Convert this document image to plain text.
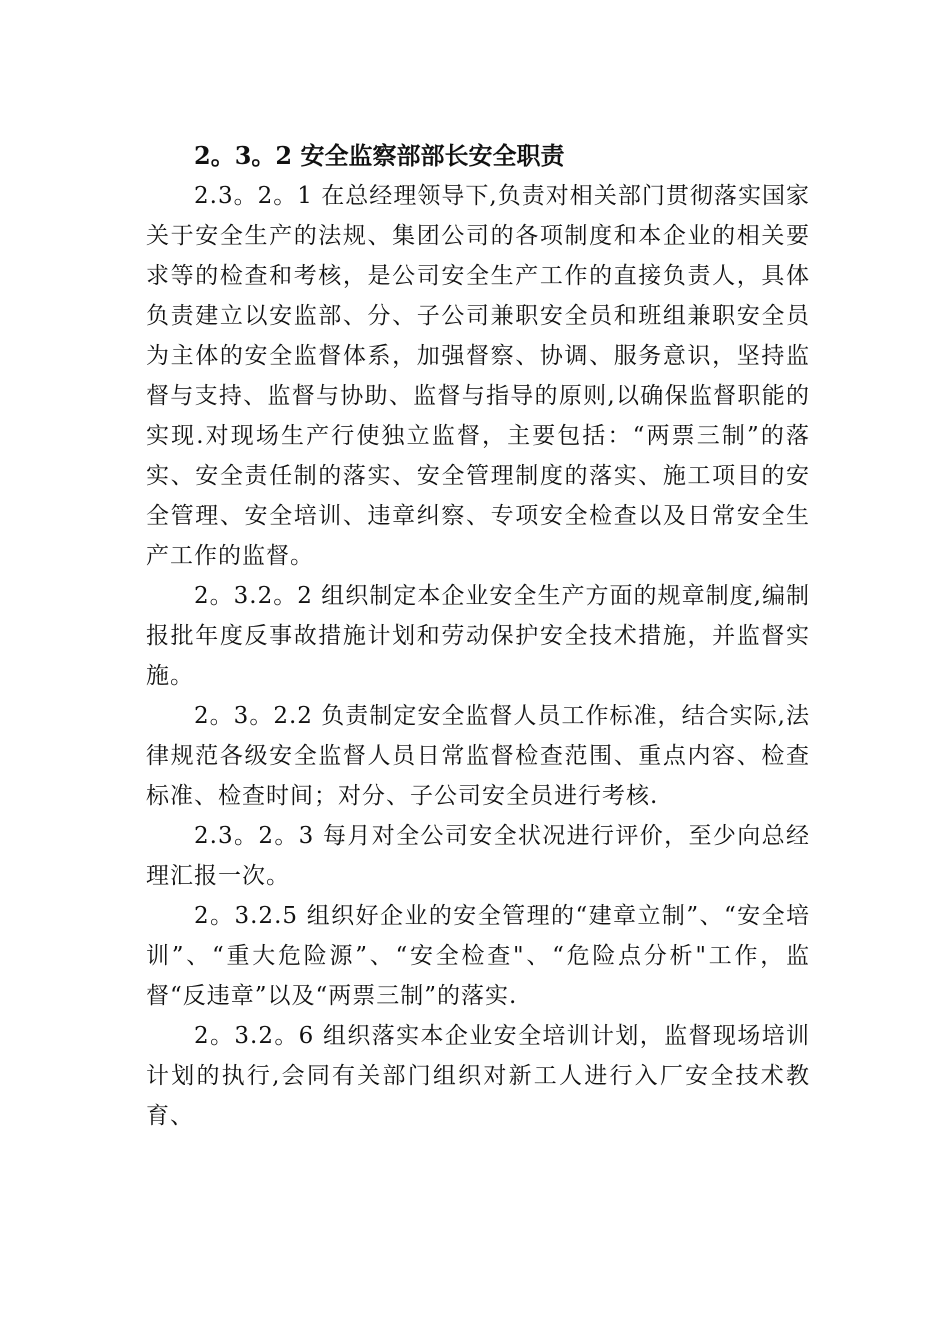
2。3。2 安全监察部部长安全职责

2.3。2。1 在总经理领导下,负责对相关部门贯彻落实国家关于安全生产的法规、集团公司的各项制度和本企业的相关要求等的检查和考核，是公司安全生产工作的直接负责人，具体负责建立以安监部、分、子公司兼职安全员和班组兼职安全员为主体的安全监督体系，加强督察、协调、服务意识，坚持监督与支持、监督与协助、监督与指导的原则,以确保监督职能的实现.对现场生产行使独立监督，主要包括：“两票三制”的落实、安全责任制的落实、安全管理制度的落实、施工项目的安全管理、安全培训、违章纠察、专项安全检查以及日常安全生产工作的监督。

2。3.2。2 组织制定本企业安全生产方面的规章制度,编制报批年度反事故措施计划和劳动保护安全技术措施，并监督实施。

2。3。2.2 负责制定安全监督人员工作标准，结合实际,法律规范各级安全监督人员日常监督检查范围、重点内容、检查标准、检查时间；对分、子公司安全员进行考核.

2.3。2。3 每月对全公司安全状况进行评价，至少向总经理汇报一次。

2。3.2.5 组织好企业的安全管理的“建章立制”、“安全培训”、“重大危险源”、“安全检查"、“危险点分析"工作，监督“反违章”以及“两票三制”的落实.

2。3.2。6 组织落实本企业安全培训计划，监督现场培训计划的执行,会同有关部门组织对新工人进行入厂安全技术教育、
